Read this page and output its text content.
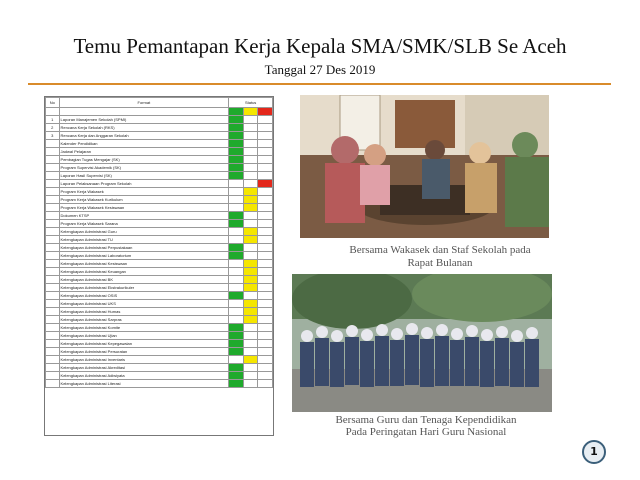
Temu Pemantapan Kerja Kepala SMA/SMK/SLB Se Aceh
Tanggal 27 Des 2019
No	Format	Status		

1	Laporan Manajemen Sekolah (SPMI)			
2	Rencana Kerja Sekolah (RKS)			
3	Rencana Kerja dan Anggaran Sekolah			
	Kalender Pendidikan			
	Jadwal Pelajaran			
	Pembagian Tugas Mengajar (SK)			
	Program Supervisi Akademik (SK)			
	Laporan Hasil Supervisi (SK)			
	Laporan Pelaksanaan Program Sekolah			
	Program Kerja Wakasek			
	Program Kerja Wakasek Kurikulum			
	Program Kerja Wakasek Kesiswaan			
	Dokumen KTSP			
	Program Kerja Wakasek Sarana			
	Kelengkapan Administrasi Guru			
	Kelengkapan Administrasi TU			
	Kelengkapan Administrasi Perpustakaan			
	Kelengkapan Administrasi Laboratorium			
	Kelengkapan Administrasi Kesiswaan			
	Kelengkapan Administrasi Keuangan			
	Kelengkapan Administrasi BK			
	Kelengkapan Administrasi Ekstrakurikuler			
	Kelengkapan Administrasi OSIS			
	Kelengkapan Administrasi UKS			
	Kelengkapan Administrasi Humas			
	Kelengkapan Administrasi Sarpras			
	Kelengkapan Administrasi Komite			
	Kelengkapan Administrasi Ujian			
	Kelengkapan Administrasi Kepegawaian			
	Kelengkapan Administrasi Persuratan			
	Kelengkapan Administrasi Inventaris			
	Kelengkapan Administrasi Akreditasi			
	Kelengkapan Administrasi Adiwiyata			
	Kelengkapan Administrasi Literasi			
Bersama Wakasek dan Staf Sekolah pada
Rapat Bulanan
Bersama Guru dan Tenaga Kependidikan
Pada Peringatan Hari Guru Nasional
1
